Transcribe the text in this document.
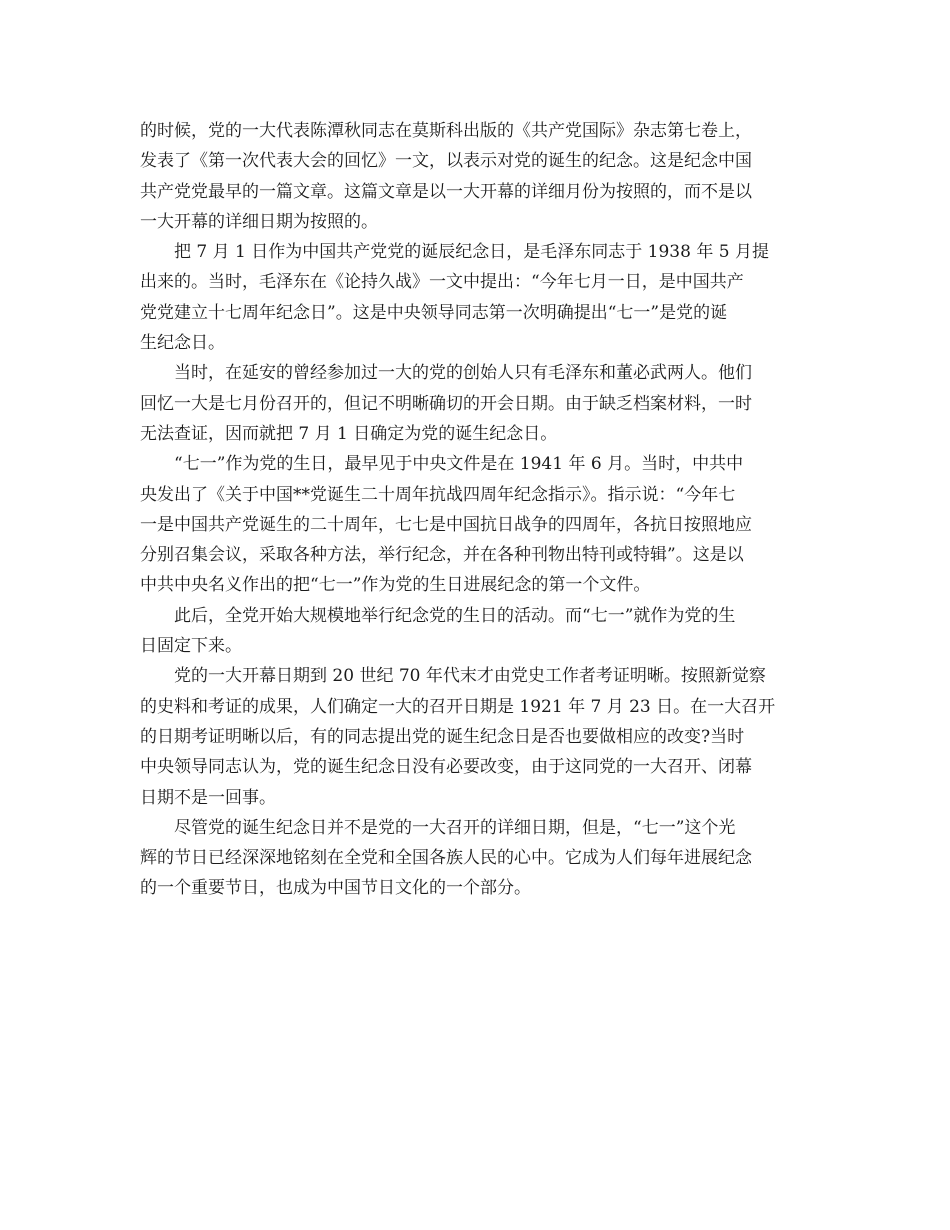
的时候，党的一大代表陈潭秋同志在莫斯科出版的《共产党国际》杂志第七卷上，
发表了《第一次代表大会的回忆》一文，以表示对党的诞生的纪念。这是纪念中国
共产党党最早的一篇文章。这篇文章是以一大开幕的详细月份为按照的，而不是以
一大开幕的详细日期为按照的。

　　把 7 月 1 日作为中国共产党党的诞辰纪念日，是毛泽东同志于 1938 年 5 月提
出来的。当时，毛泽东在《论持久战》一文中提出：“今年七月一日，是中国共产
党党建立十七周年纪念日”。这是中央领导同志第一次明确提出“七一”是党的诞
生纪念日。

　　当时，在延安的曾经参加过一大的党的创始人只有毛泽东和董必武两人。他们
回忆一大是七月份召开的，但记不明晰确切的开会日期。由于缺乏档案材料，一时
无法查证，因而就把 7 月 1 日确定为党的诞生纪念日。

　　“七一”作为党的生日，最早见于中央文件是在 1941 年 6 月。当时，中共中
央发出了《关于中国**党诞生二十周年抗战四周年纪念指示》。指示说：“今年七
一是中国共产党诞生的二十周年，七七是中国抗日战争的四周年，各抗日按照地应
分别召集会议，采取各种方法，举行纪念，并在各种刊物出特刊或特辑”。这是以
中共中央名义作出的把“七一”作为党的生日进展纪念的第一个文件。

　　此后，全党开始大规模地举行纪念党的生日的活动。而“七一”就作为党的生
日固定下来。

　　党的一大开幕日期到 20 世纪 70 年代末才由党史工作者考证明晰。按照新觉察
的史料和考证的成果，人们确定一大的召开日期是 1921 年 7 月 23 日。在一大召开
的日期考证明晰以后，有的同志提出党的诞生纪念日是否也要做相应的改变?当时
中央领导同志认为，党的诞生纪念日没有必要改变，由于这同党的一大召开、闭幕
日期不是一回事。

　　尽管党的诞生纪念日并不是党的一大召开的详细日期，但是，“七一”这个光
辉的节日已经深深地铭刻在全党和全国各族人民的心中。它成为人们每年进展纪念
的一个重要节日，也成为中国节日文化的一个部分。
